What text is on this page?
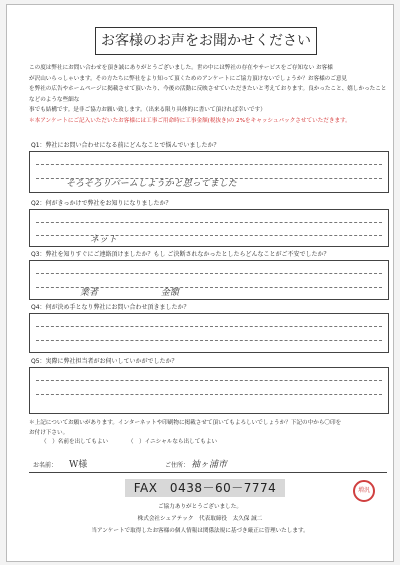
お客様のお声をお聞かせください

この度は弊社にお問い合わせを頂き誠にありがとうございました。世の中には弊社の存在やサービスをご存知ない お客様

が沢山いらっしゃいます。その方たちに弊社をより知って頂くためのアンケートにご協力頂けないでしょうか？お客様のご意見

を弊社の広告やホームページに掲載させて頂いたり、今後の活動に反映させていただきたいと考えております。良かったこと、嬉しかったことなどのような些細な

事でも結構です。是非ご協力お願い致します。（出来る限り具体的に書いて頂ければ幸いです）

＊本アンケートにご記入いただいたお客様には工事ご用命時に工事金額(税抜き)の 2%をキャッシュバックさせていただきます。

Q1：弊社にお問い合わせになる前にどんなことで悩んでいましたか？
そろそろリバームしようかと思ってました
Q2：何がきっかけで弊社をお知りになりましたか？
ネット
Q3：弊社を知りすぐにご連絡頂けましたか？もし ご決断されなかったとしたらどんなことがご不安でしたか？
業者 金額
Q4：何が決め手となり弊社にお問い合わせ頂きましたか？
Q5：実際に弊社担当者がお伺いしていかがでしたか？
＊上記についてお願いがあります。インターネットや印刷物に掲載させて頂いてもよろしいでしょうか？下記の中から〇印を
お付け下さい。
（　）名前を出してもよい	（　）イニシャルなら出してもよい
お名前： W様	ご住所： 袖ヶ浦市
FAX　0438－60－7774	増汎
ご協力ありがとうございました。
株式会社シェアテック　代表取締役　太久保 誠二
当アンケートで取得したお客様の個人情報は関係法規に基づき厳正に管理いたします。
